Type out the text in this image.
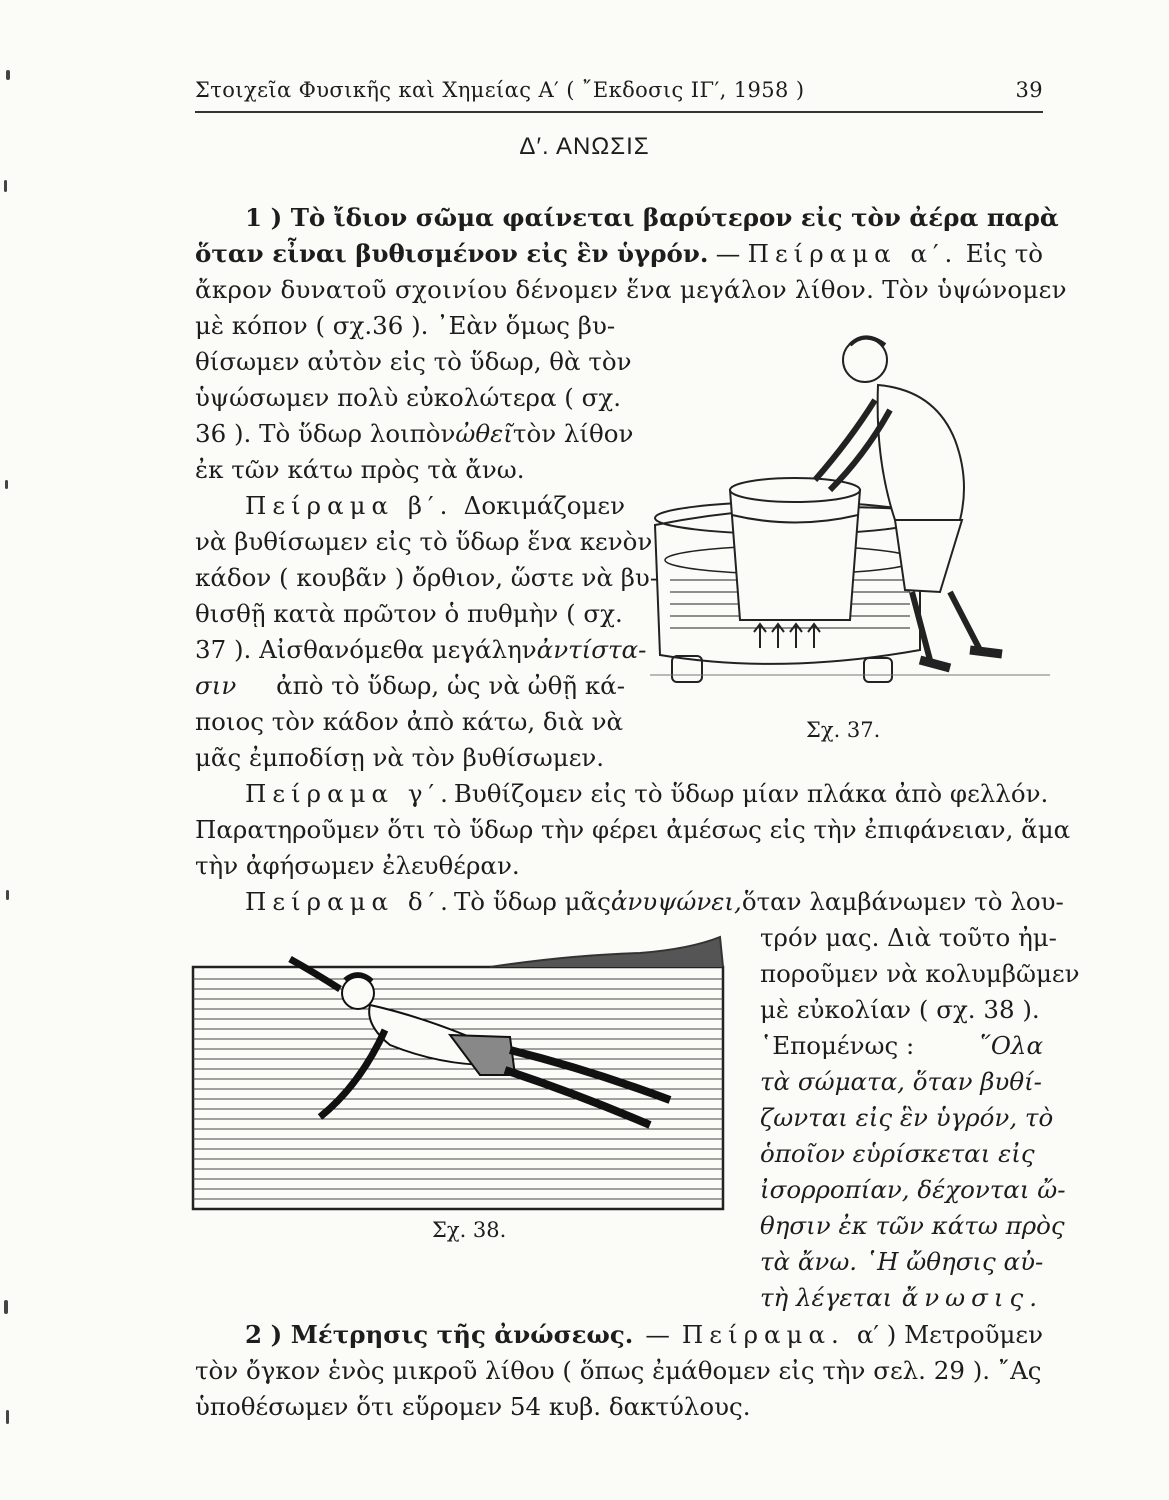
Στοιχεῖα Φυσικῆς καὶ Χημείας Α′ ( ῎Εκδοσις ΙΓ′, 1958 )	39
Δ′. ΑΝΩΣΙΣ
1 ) Τὸ ἴδιον σῶμα φαίνεται βαρύτερον εἰς τὸν ἀέρα παρὰ
ὅταν εἶναι βυθισμένον εἰς ἓν ὑγρόν. — Πείραμα α′. Εἰς τὸ
ἄκρον δυνατοῦ σχοινίου δένομεν ἕνα μεγάλον λίθον. Τὸν ὑψώνομεν
μὲ κόπον ( σχ.36 ). ᾿Εὰν ὅμως βυ-
θίσωμεν αὐτὸν εἰς τὸ ὕδωρ, θὰ τὸν
ὑψώσωμεν πολὺ εὐκολώτερα ( σχ.
36 ). Τὸ ὕδωρ λοιπὸν ὠθεῖ τὸν λίθον
ἐκ τῶν κάτω πρὸς τὰ ἄνω.
Πείραμα β′. Δοκιμάζομεν
νὰ βυθίσωμεν εἰς τὸ ὕδωρ ἕνα κενὸν
κάδον ( κουβᾶν ) ὄρθιον, ὥστε νὰ βυ-
θισθῇ κατὰ πρῶτον ὁ πυθμὴν ( σχ.
37 ). Αἰσθανόμεθα μεγάλην ἀντίστα-
σιν ἀπὸ τὸ ὕδωρ, ὡς νὰ ὠθῇ κά-
ποιος τὸν κάδον ἀπὸ κάτω, διὰ νὰ
μᾶς ἐμποδίσῃ νὰ τὸν βυθίσωμεν.
Σχ. 37.
Πείραμα γ′. Βυθίζομεν εἰς τὸ ὕδωρ μίαν πλάκα ἀπὸ φελλόν.
Παρατηροῦμεν ὅτι τὸ ὕδωρ τὴν φέρει ἀμέσως εἰς τὴν ἐπιφάνειαν, ἅμα
τὴν ἀφήσωμεν ἐλευθέραν.
Πείραμα δ′. Τὸ ὕδωρ μᾶς ἀνυψώνει, ὅταν λαμβάνωμεν τὸ λου-
τρόν μας. Διὰ τοῦτο ἠμ-
ποροῦμεν νὰ κολυμβῶμεν
μὲ εὐκολίαν ( σχ. 38 ).
῾Επομένως :	῞Ολα
τὰ σώματα, ὅταν βυθί-
ζωνται εἰς ἓν ὑγρόν, τὸ
ὁποῖον εὑρίσκεται εἰς
ἰσορροπίαν, δέχονται ὤ-
θησιν ἐκ τῶν κάτω πρὸς
τὰ ἄνω. ῾Η ὤθησις αὐ-
τὴ λέγεται ἄνωσις.
Σχ. 38.
2 ) Μέτρησις τῆς ἀνώσεως. — Πείραμα. α′ ) Μετροῦμεν
τὸν ὄγκον ἑνὸς μικροῦ λίθου ( ὅπως ἐμάθομεν εἰς τὴν σελ. 29 ). ῎Ας
ὑποθέσωμεν ὅτι εὕρομεν 54 κυβ. δακτύλους.
